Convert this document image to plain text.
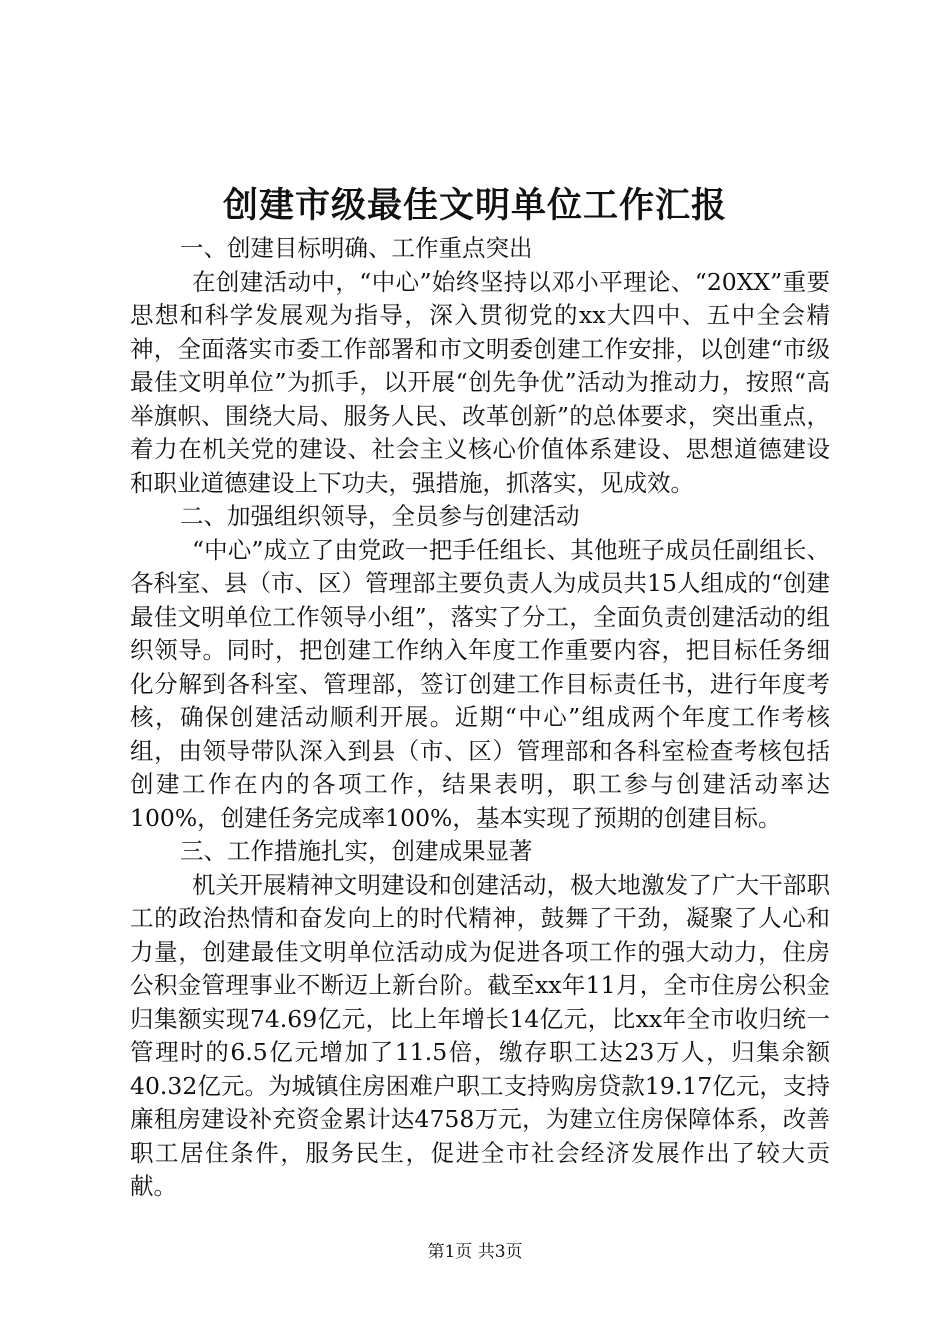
创建市级最佳文明单位工作汇报

一、创建目标明确、工作重点突出

在创建活动中，“中心”始终坚持以邓小平理论、“20XX”重要思想和科学发展观为指导，深入贯彻党的xx大四中、五中全会精神，全面落实市委工作部署和市文明委创建工作安排，以创建“市级最佳文明单位”为抓手，以开展“创先争优”活动为推动力，按照“高举旗帜、围绕大局、服务人民、改革创新”的总体要求，突出重点，着力在机关党的建设、社会主义核心价值体系建设、思想道德建设和职业道德建设上下功夫，强措施，抓落实，见成效。

二、加强组织领导，全员参与创建活动

“中心”成立了由党政一把手任组长、其他班子成员任副组长、各科室、县（市、区）管理部主要负责人为成员共15人组成的“创建最佳文明单位工作领导小组”，落实了分工，全面负责创建活动的组织领导。同时，把创建工作纳入年度工作重要内容，把目标任务细化分解到各科室、管理部，签订创建工作目标责任书，进行年度考核，确保创建活动顺利开展。近期“中心”组成两个年度工作考核组，由领导带队深入到县（市、区）管理部和各科室检查考核包括创建工作在内的各项工作，结果表明，职工参与创建活动率达100%，创建任务完成率100%，基本实现了预期的创建目标。

三、工作措施扎实，创建成果显著

机关开展精神文明建设和创建活动，极大地激发了广大干部职工的政治热情和奋发向上的时代精神，鼓舞了干劲，凝聚了人心和力量，创建最佳文明单位活动成为促进各项工作的强大动力，住房公积金管理事业不断迈上新台阶。截至xx年11月，全市住房公积金归集额实现74.69亿元，比上年增长14亿元，比xx年全市收归统一管理时的6.5亿元增加了11.5倍，缴存职工达23万人，归集余额40.32亿元。为城镇住房困难户职工支持购房贷款19.17亿元，支持廉租房建设补充资金累计达4758万元，为建立住房保障体系，改善职工居住条件，服务民生，促进全市社会经济发展作出了较大贡献。

第1页 共3页
